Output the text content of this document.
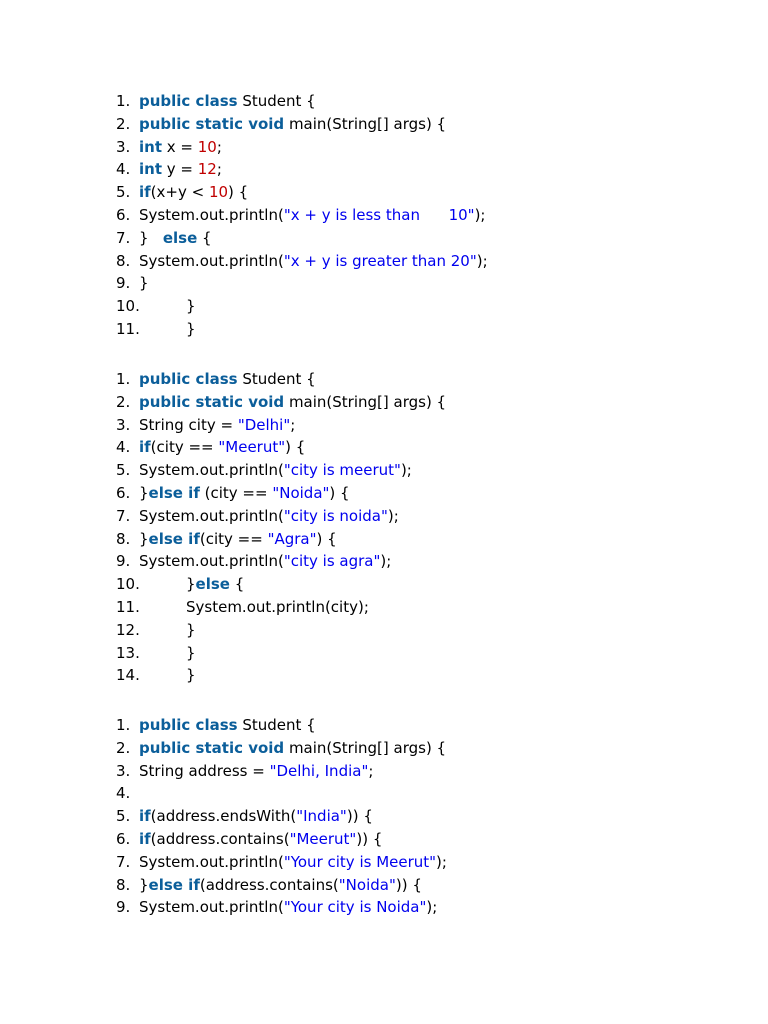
1. public class Student {
2. public static void main(String[] args) {
3. int x = 10;
4. int y = 12;
5. if(x+y < 10) {
6. System.out.println("x + y is less than      10");
7. }   else {
8. System.out.println("x + y is greater than 20");
9. }
10.	}
11.	}
1. public class Student {
2. public static void main(String[] args) {
3. String city = "Delhi";
4. if(city == "Meerut") {
5. System.out.println("city is meerut");
6. }else if (city == "Noida") {
7. System.out.println("city is noida");
8. }else if(city == "Agra") {
9. System.out.println("city is agra");
10.	}else {
11.	System.out.println(city);
12.	}
13.	}
14.	}
1. public class Student {
2. public static void main(String[] args) {
3. String address = "Delhi, India";
4.
5. if(address.endsWith("India")) {
6. if(address.contains("Meerut")) {
7. System.out.println("Your city is Meerut");
8. }else if(address.contains("Noida")) {
9. System.out.println("Your city is Noida");
